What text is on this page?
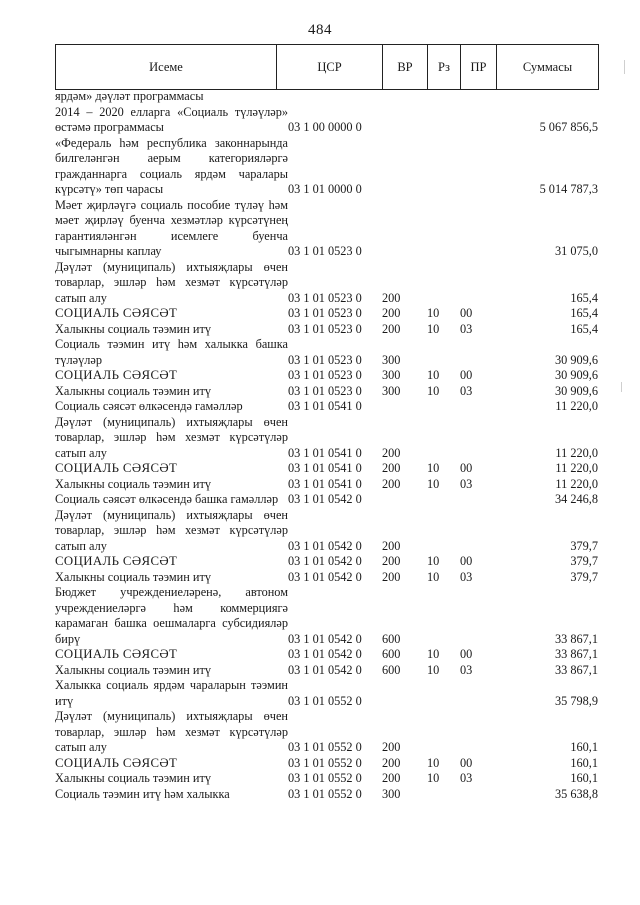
484
Исеме	ЦСР	ВР	Рз	ПР	Суммасы
ярдәм» дәүләт программасы					
2014 – 2020 елларга «Социаль түләүләр» өстәмә программасы	03 1 00 0000 0				5 067 856,5
«Федераль һәм республика законнарында билгеләнгән аерым категорияләргә гражданнарга социаль ярдәм чаралары күрсәтү» төп чарасы	03 1 01 0000 0				5 014 787,3
Мәет җирләүгә социаль пособие түләү һәм мәет җирләү буенча хезмәтләр күрсәтүнең гарантияләнгән исемлеге буенча чыгымнарны каплау	03 1 01 0523 0				31 075,0
Дәүләт (муниципаль) ихтыяҗлары өчен товарлар, эшләр һәм хезмәт күрсәтүләр сатып алу	03 1 01 0523 0	200			165,4
СОЦИАЛЬ СӘЯСӘТ	03 1 01 0523 0	200	10	00	165,4
Халыкны социаль тәэмин итү	03 1 01 0523 0	200	10	03	165,4
Социаль тәэмин итү һәм халыкка башка түләүләр	03 1 01 0523 0	300			30 909,6
СОЦИАЛЬ СӘЯСӘТ	03 1 01 0523 0	300	10	00	30 909,6
Халыкны социаль тәэмин итү	03 1 01 0523 0	300	10	03	30 909,6
Социаль сәясәт өлкәсендә гамәлләр	03 1 01 0541 0				11 220,0
Дәүләт (муниципаль) ихтыяҗлары өчен товарлар, эшләр һәм хезмәт күрсәтүләр сатып алу	03 1 01 0541 0	200			11 220,0
СОЦИАЛЬ СӘЯСӘТ	03 1 01 0541 0	200	10	00	11 220,0
Халыкны социаль тәэмин итү	03 1 01 0541 0	200	10	03	11 220,0
Социаль сәясәт өлкәсендә башка гамәлләр	03 1 01 0542 0				34 246,8
Дәүләт (муниципаль) ихтыяҗлары өчен товарлар, эшләр һәм хезмәт күрсәтүләр сатып алу	03 1 01 0542 0	200			379,7
СОЦИАЛЬ СӘЯСӘТ	03 1 01 0542 0	200	10	00	379,7
Халыкны социаль тәэмин итү	03 1 01 0542 0	200	10	03	379,7
Бюджет учреждениеләренә, автоном учреждениеләргә һәм коммерциягә карамаган башка оешмаларга субсидияләр бирү	03 1 01 0542 0	600			33 867,1
СОЦИАЛЬ СӘЯСӘТ	03 1 01 0542 0	600	10	00	33 867,1
Халыкны социаль тәэмин итү	03 1 01 0542 0	600	10	03	33 867,1
Халыкка социаль ярдәм чараларын тәэмин итү	03 1 01 0552 0				35 798,9
Дәүләт (муниципаль) ихтыяҗлары өчен товарлар, эшләр һәм хезмәт күрсәтүләр сатып алу	03 1 01 0552 0	200			160,1
СОЦИАЛЬ СӘЯСӘТ	03 1 01 0552 0	200	10	00	160,1
Халыкны социаль тәэмин итү	03 1 01 0552 0	200	10	03	160,1
Социаль тәэмин итү һәм халыкка	03 1 01 0552 0	300			35 638,8
